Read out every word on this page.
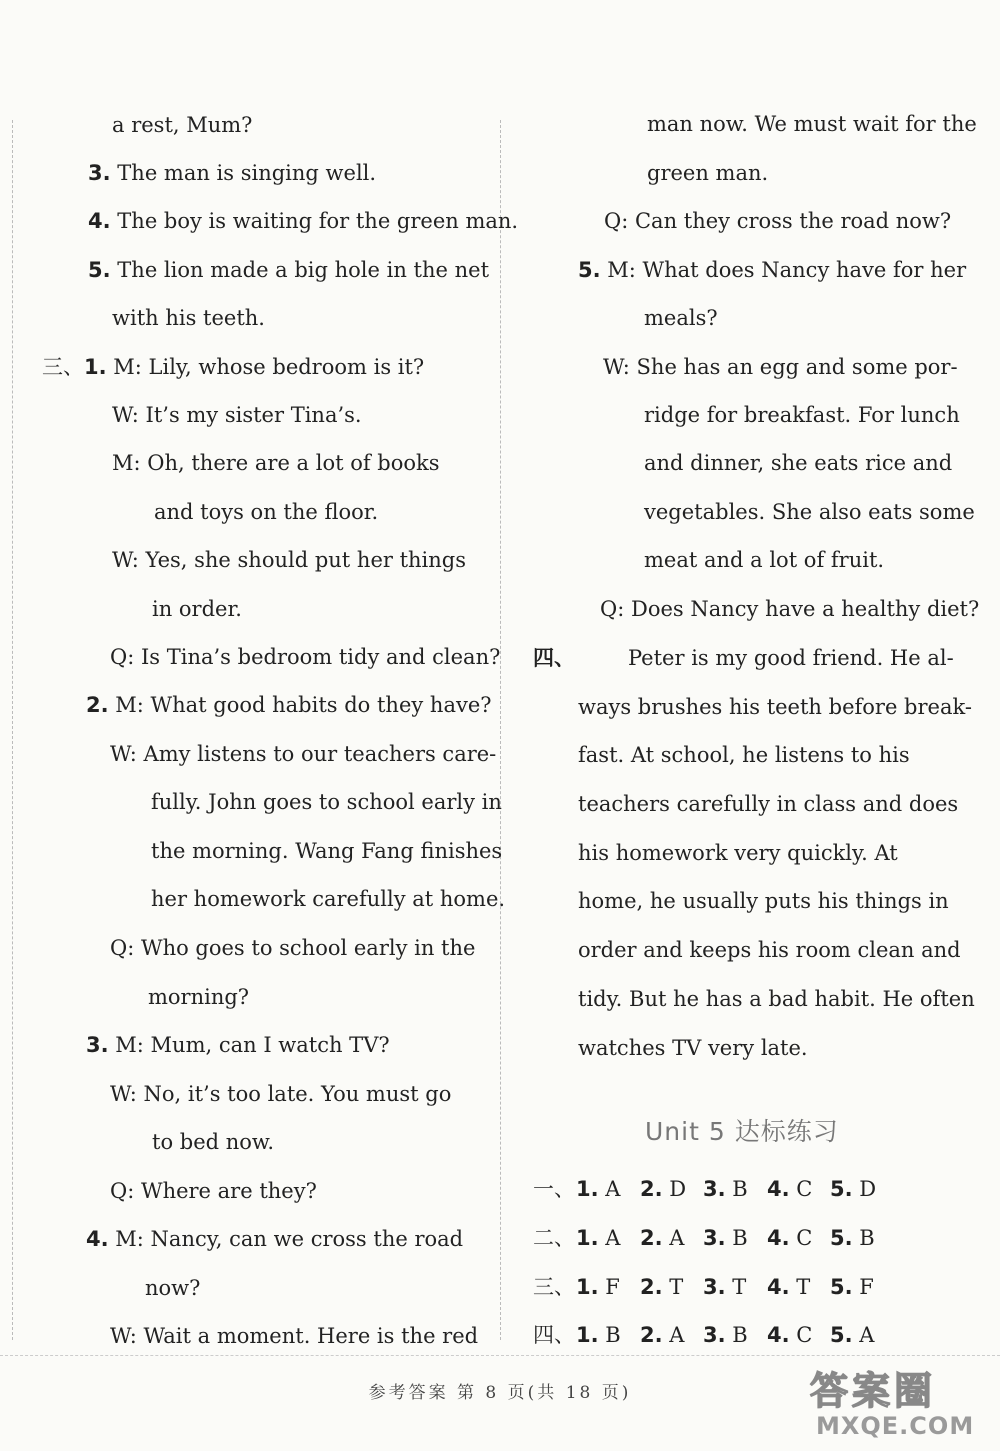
a rest, Mum?
3. The man is singing well.
4. The boy is waiting for the green man.
5. The lion made a big hole in the net
with his teeth.
三、1. M: Lily, whose bedroom is it?
W: It’s my sister Tina’s.
M: Oh, there are a lot of books
and toys on the floor.
W: Yes, she should put her things
in order.
Q: Is Tina’s bedroom tidy and clean?
2. M: What good habits do they have?
W: Amy listens to our teachers care-
fully. John goes to school early in
the morning. Wang Fang finishes
her homework carefully at home.
Q: Who goes to school early in the
morning?
3. M: Mum, can I watch TV?
W: No, it’s too late. You must go
to bed now.
Q: Where are they?
4. M: Nancy, can we cross the road
now?
W: Wait a moment. Here is the red
man now. We must wait for the
green man.
Q: Can they cross the road now?
5. M: What does Nancy have for her
meals?
W: She has an egg and some por-
ridge for breakfast. For lunch
and dinner, she eats rice and
vegetables. She also eats some
meat and a lot of fruit.
Q: Does Nancy have a healthy diet?
四、	Peter is my good friend. He al-
ways brushes his teeth before break-
fast. At school, he listens to his
teachers carefully in class and does
his homework very quickly. At
home, he usually puts his things in
order and keeps his room clean and
tidy. But he has a bad habit. He often
watches TV very late.
Unit 5 达标练习
一、 1. A 2. D 3. B 4. C 5. D
二、 1. A 2. A 3. B 4. C 5. B
三、 1. F 2. T 3. T 4. T 5. F
四、 1. B 2. A 3. B 4. C 5. A
参考答案 第 8 页(共 18 页)	答案圈
MXQE.COM
